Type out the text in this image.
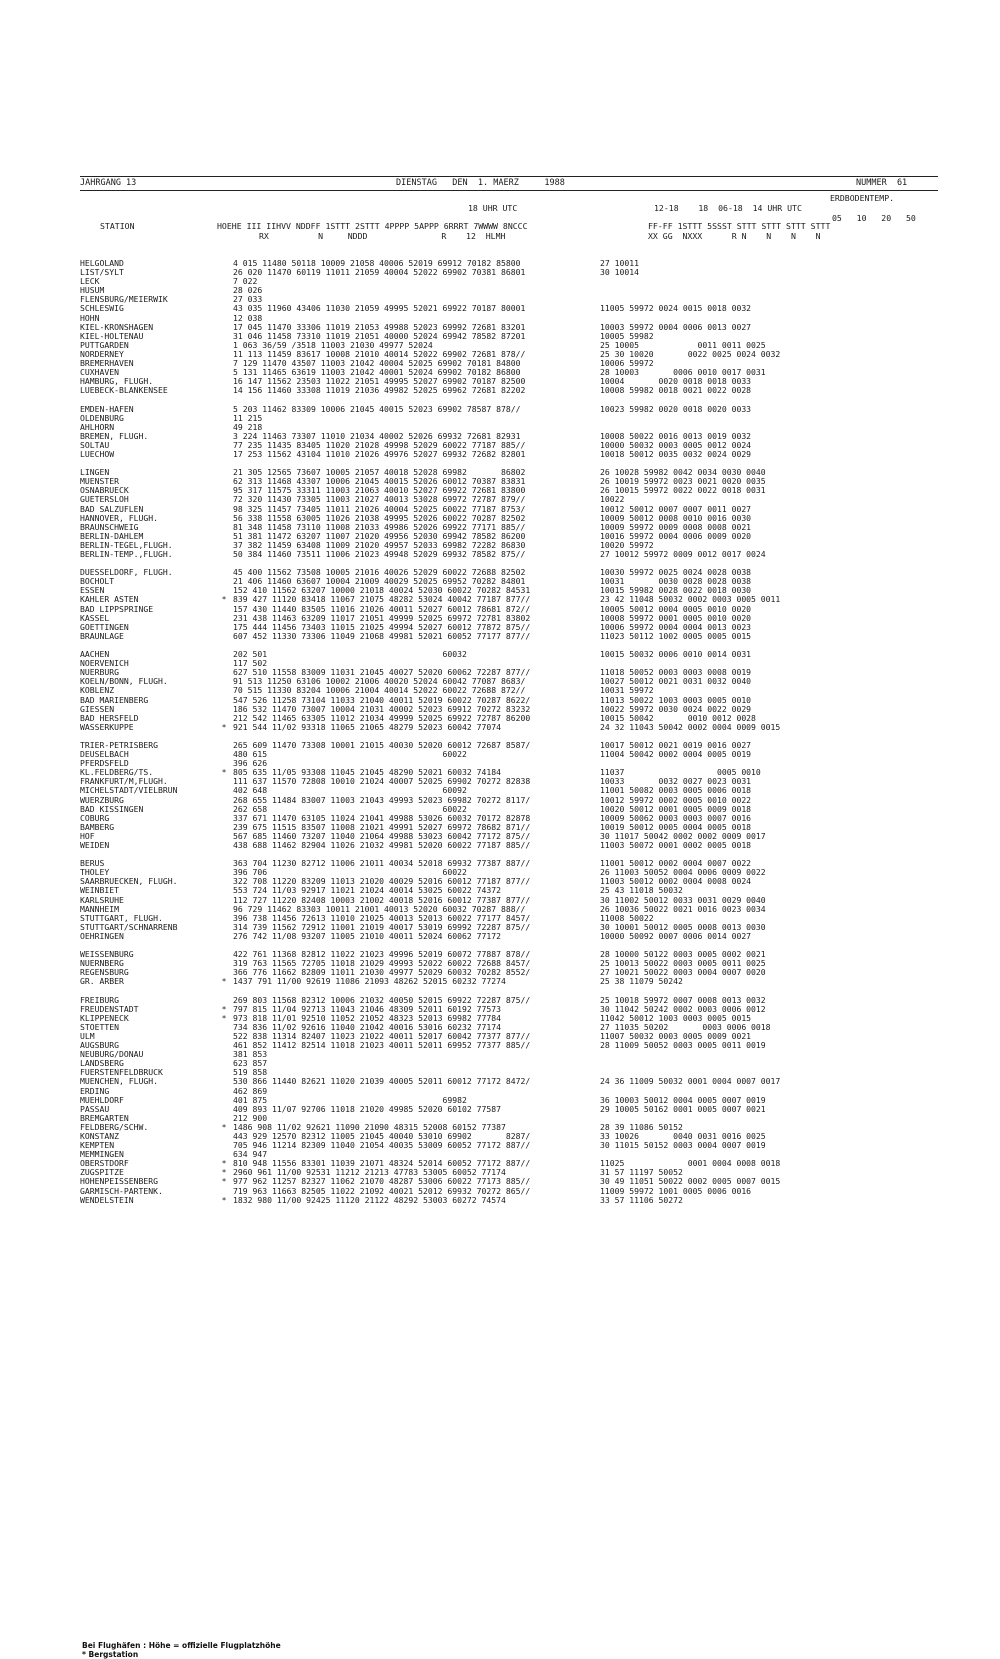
JAHRGANG 13	DIENSTAG   DEN  1. MAERZ     1988	NUMMER  61
ERDBODENTEMP.
18 UHR UTC	12-18    18  06-18  14 UHR UTC
05   10   20   50
STATION	HOEHE III IIHVV NDDFF 1STTT 2STTT 4PPPP 5APPP 6RRRT 7WWWW 8NCCC
RX          N     NDDD               R    12  HLMH
FF-FF 1STTT 5SSST STTT STTT STTT STTT
XX GG  NXXX      R N    N    N    N
HELGOLAND	4 015 11480 50118 10009 21058 40006 52019 69912 70182 85800	27 10011
LIST/SYLT	26 020 11470 60119 11011 21059 40004 52022 69902 70381 86801	30 10014
LECK	7 022
HUSUM	28 026
FLENSBURG/MEIERWIK	27 033
SCHLESWIG	43 035 11960 43406 11030 21059 49995 52021 69922 70187 80001	11005 59972 0024 0015 0018 0032
HOHN	12 038
KIEL-KRONSHAGEN	17 045 11470 33306 11019 21053 49988 52023 69992 72681 83201	10003 59972 0004 0006 0013 0027
KIEL-HOLTENAU	31 046 11458 73310 11019 21051 40000 52024 69942 78582 87201	10005 59982
PUTTGARDEN	1 063 36/59 /3518 11003 21030 49977 52024	25 10005            0011 0011 0025
NORDERNEY	11 113 11459 83617 10008 21010 40014 52022 69902 72681 878//	25 30 10020       0022 0025 0024 0032
BREMERHAVEN	7 129 11470 43507 11003 21042 40004 52025 69902 70181 84800	10006 59972
CUXHAVEN	5 131 11465 63619 11003 21042 40001 52024 69902 70182 86800	28 10003       0006 0010 0017 0031
HAMBURG, FLUGH.	16 147 11562 23503 11022 21051 49995 52027 69902 70187 82500	10004       0020 0018 0018 0033
LUEBECK-BLANKENSEE	14 156 11460 33308 11019 21036 49982 52025 69962 72681 82202	10008 59982 0018 0021 0022 0028
EMDEN-HAFEN	5 203 11462 83309 10006 21045 40015 52023 69902 78587 878//	10023 59982 0020 0018 0020 0033
OLDENBURG	11 215
AHLHORN	49 218
BREMEN, FLUGH.	3 224 11463 73307 11010 21034 40002 52026 69932 72681 82931	10008 50022 0016 0013 0019 0032
SOLTAU	77 235 11435 83405 11020 21028 49998 52029 60022 77187 885//	10000 50032 0003 0005 0012 0024
LUECHOW	17 253 11562 43104 11010 21026 49976 52027 69932 72682 82801	10018 50012 0035 0032 0024 0029
LINGEN	21 305 12565 73607 10005 21057 40018 52028 69982       86802	26 10028 59982 0042 0034 0030 0040
MUENSTER	62 313 11468 43307 10006 21045 40015 52026 60012 70387 83831	26 10019 59972 0023 0021 0020 0035
OSNABRUECK	95 317 11575 33311 11003 21063 40010 52027 69922 72681 83800	26 10015 59972 0022 0022 0018 0031
GUETERSLOH	72 320 11430 73305 11003 21027 40013 53028 69972 72787 879//	10022
BAD SALZUFLEN	98 325 11457 73405 11011 21026 40004 52025 60022 77187 8753/	10012 50012 0007 0007 0011 0027
HANNOVER, FLUGH.	56 338 11558 63005 11026 21038 49995 52026 60022 70287 82502	10009 50012 0008 0010 0016 0030
BRAUNSCHWEIG	81 348 11458 73110 11008 21033 49986 52026 69922 77171 885//	10009 59972 0009 0008 0008 0021
BERLIN-DAHLEM	51 381 11472 63207 11007 21020 49956 52030 69942 78582 86200	10016 59972 0004 0006 0009 0020
BERLIN-TEGEL,FLUGH.	37 382 11459 63408 11009 21020 49957 52033 69982 72282 86830	10020 59972
BERLIN-TEMP.,FLUGH.	50 384 11460 73511 11006 21023 49948 52029 69932 78582 875//	27 10012 59972 0009 0012 0017 0024
DUESSELDORF, FLUGH.	45 400 11562 73508 10005 21016 40026 52029 60022 72688 82502	10030 59972 0025 0024 0028 0038
BOCHOLT	21 406 11460 63607 10004 21009 40029 52025 69952 70282 84801	10031       0030 0028 0028 0038
ESSEN	152 410 11562 63207 10000 21018 40024 52030 60022 70282 84531	10015 59982 0028 0022 0018 0030
KAHLER ASTEN	* 839 427 11120 83418 11067 21075 48282 53024 40042 77187 877//	23 42 11048 50032 0002 0003 0005 0011
BAD LIPPSPRINGE	157 430 11440 83505 11016 21026 40011 52027 60012 78681 872//	10005 50012 0004 0005 0010 0020
KASSEL	231 438 11463 63209 11017 21051 49999 52025 69972 72781 83802	10008 59972 0001 0005 0010 0020
GOETTINGEN	175 444 11456 73403 11015 21025 49994 52027 60012 77872 875//	10006 59972 0004 0004 0013 0023
BRAUNLAGE	607 452 11330 73306 11049 21068 49981 52021 60052 77177 877//	11023 50112 1002 0005 0005 0015
AACHEN	202 501                                    60032	10015 50032 0006 0010 0014 0031
NOERVENICH	117 502
NUERBURG	627 510 11558 83009 11031 21045 40027 52020 60062 72287 877//	11018 50052 0003 0003 0008 0019
KOELN/BONN, FLUGH.	91 513 11250 63106 10002 21006 40020 52024 60042 77087 8683/	10027 50012 0021 0031 0032 0040
KOBLENZ	70 515 11330 83204 10006 21004 40014 52022 60022 72688 872//	10031 59972
BAD MARIENBERG	547 526 11258 73104 11033 21040 40011 52019 60022 70287 8622/	11013 50022 1003 0003 0005 0010
GIESSEN	186 532 11470 73007 10004 21031 40002 52023 69912 70272 83232	10022 59972 0030 0024 0022 0029
BAD HERSFELD	212 542 11465 63305 11012 21034 49999 52025 69922 72787 86200	10015 50042       0010 0012 0028
WASSERKUPPE	* 921 544 11/02 93318 11065 21065 48279 52023 60042 77074	24 32 11043 50042 0002 0004 0009 0015
TRIER-PETRISBERG	265 609 11470 73308 10001 21015 40030 52020 60012 72687 8587/	10017 50012 0021 0019 0016 0027
DEUSELBACH	480 615                                    60022	11004 50042 0002 0004 0005 0019
PFERDSFELD	396 626
KL.FELDBERG/TS.	* 805 635 11/05 93308 11045 21045 48290 52021 60032 74184	11037                   0005 0010
FRANKFURT/M,FLUGH.	111 637 11570 72808 10010 21024 40007 52025 69902 70272 82838	10033       0032 0027 0023 0031
MICHELSTADT/VIELBRUN	402 648                                    60092	11001 50082 0003 0005 0006 0018
WUERZBURG	268 655 11484 83007 11003 21043 49993 52023 69982 70272 8117/	10012 59972 0002 0005 0010 0022
BAD KISSINGEN	262 658                                    60022	10020 50012 0001 0005 0009 0018
COBURG	337 671 11470 63105 11024 21041 49988 53026 60032 70172 82878	10009 50062 0003 0003 0007 0016
BAMBERG	239 675 11515 83507 11008 21021 49991 52027 69972 78682 871//	10019 50012 0005 0004 0005 0018
HOF	567 685 11460 73207 11040 21064 49988 53023 60042 77172 875//	30 11017 50042 0002 0002 0009 0017
WEIDEN	438 688 11462 82904 11026 21032 49981 52020 60022 77187 885//	11003 50072 0001 0002 0005 0018
BERUS	363 704 11230 82712 11006 21011 40034 52018 69932 77387 887//	11001 50012 0002 0004 0007 0022
THOLEY	396 706                                    60022	26 11003 50052 0004 0006 0009 0022
SAARBRUECKEN, FLUGH.	322 708 11220 83209 11013 21020 40029 52016 60012 77187 877//	11003 50012 0002 0004 0008 0024
WEINBIET	553 724 11/03 92917 11021 21024 40014 53025 60022 74372	25 43 11018 50032
KARLSRUHE	112 727 11220 82408 10003 21002 40018 52016 60012 77387 877//	30 11002 50012 0033 0031 0029 0040
MANNHEIM	96 729 11462 83303 10011 21001 40013 52020 60032 70287 888//	26 10036 50022 0021 0016 0023 0034
STUTTGART, FLUGH.	396 738 11456 72613 11010 21025 40013 52013 60022 77177 8457/	11008 50022
STUTTGART/SCHNARRENB	314 739 11562 72912 11001 21019 40017 53019 69992 72287 875//	30 10001 50012 0005 0008 0013 0030
OEHRINGEN	276 742 11/08 93207 11005 21010 40011 52024 60062 77172	10000 50092 0007 0006 0014 0027
WEISSENBURG	422 761 11368 82812 11022 21023 49996 52019 60072 77887 878//	28 10000 50122 0003 0005 0002 0021
NUERNBERG	319 763 11565 72705 11018 21029 49993 52022 60022 72688 8457/	25 10013 50022 0003 0005 0011 0025
REGENSBURG	366 776 11662 82809 11011 21030 49977 52029 60032 70282 8552/	27 10021 50022 0003 0004 0007 0020
GR. ARBER	* 1437 791 11/00 92619 11086 21093 48262 52015 60232 77274	25 38 11079 50242
FREIBURG	269 803 11568 82312 10006 21032 40050 52015 69922 72287 875//	25 10018 59972 0007 0008 0013 0032
FREUDENSTADT	* 797 815 11/04 92713 11043 21046 48309 52011 60192 77573	30 11042 50242 0002 0003 0006 0012
KLIPPENECK	* 973 818 11/01 92510 11052 21052 48323 52013 69982 77784	11042 50012 1003 0003 0005 0015
STOETTEN	734 836 11/02 92616 11040 21042 40016 53016 60232 77174	27 11035 50202       0003 0006 0018
ULM	522 838 11314 82407 11023 21022 40011 52017 60042 77377 877//	11007 50032 0003 0005 0009 0021
AUGSBURG	461 852 11412 82514 11018 21023 40011 52011 69952 77377 885//	28 11009 50052 0003 0005 0011 0019
NEUBURG/DONAU	381 853
LANDSBERG	623 857
FUERSTENFELDBRUCK	519 858
MUENCHEN, FLUGH.	530 866 11440 82621 11020 21039 40005 52011 60012 77172 8472/	24 36 11009 50032 0001 0004 0007 0017
ERDING	462 869
MUEHLDORF	401 875                                    69982	36 10003 50012 0004 0005 0007 0019
PASSAU	409 893 11/07 92706 11018 21020 49985 52020 60102 77587	29 10005 50162 0001 0005 0007 0021
BREMGARTEN	212 900
FELDBERG/SCHW.	* 1486 908 11/02 92621 11090 21090 48315 52008 60152 77387	28 39 11086 50152
KONSTANZ	443 929 12570 82312 11005 21045 40040 53010 69902       8287/	33 10026       0040 0031 0016 0025
KEMPTEN	705 946 11214 82309 11040 21054 40035 53009 60052 77172 887//	30 11015 50152 0003 0004 0007 0019
MEMMINGEN	634 947
OBERSTDORF	* 810 948 11556 83301 11039 21071 48324 52014 60052 77172 887//	11025             0001 0004 0008 0018
ZUGSPITZE	* 2960 961 11/00 92531 11212 21213 47783 53005 60052 77174	31 57 11197 50052
HOHENPEISSENBERG	* 977 962 11257 82327 11062 21070 48287 53006 60022 77173 885//	30 49 11051 50022 0002 0005 0007 0015
GARMISCH-PARTENK.	719 963 11663 82505 11022 21092 40021 52012 69932 70272 865//	11009 59972 1001 0005 0006 0016
WENDELSTEIN	* 1832 980 11/00 92425 11120 21122 48292 53003 60272 74574	33 57 11106 50272
Bei Flughäfen : Höhe = offizielle Flugplatzhöhe
* Bergstation
